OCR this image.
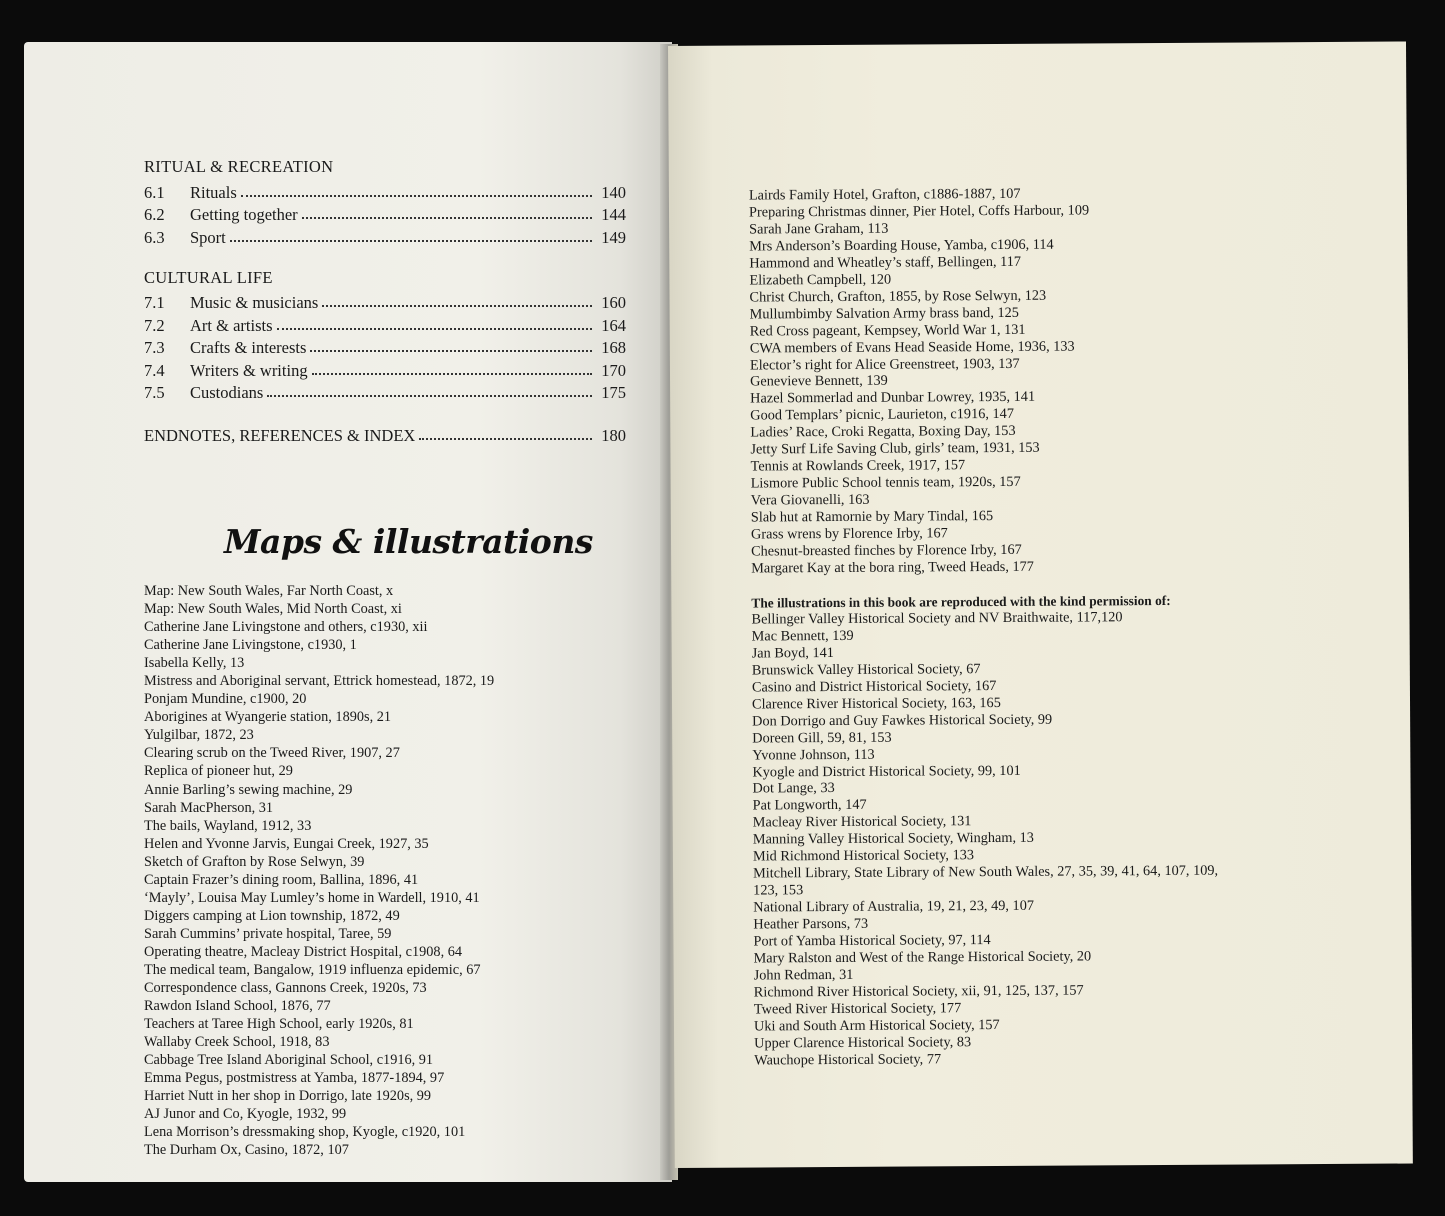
RITUAL & RECREATION
6.1	Rituals	140
6.2	Getting together	144
6.3	Sport	149
CULTURAL LIFE
7.1	Music & musicians	160
7.2	Art & artists	164
7.3	Crafts & interests	168
7.4	Writers & writing	170
7.5	Custodians	175
ENDNOTES, REFERENCES & INDEX	180
Maps & illustrations
Map: New South Wales, Far North Coast, x
Map: New South Wales, Mid North Coast, xi
Catherine Jane Livingstone and others, c1930, xii
Catherine Jane Livingstone, c1930, 1
Isabella Kelly, 13
Mistress and Aboriginal servant, Ettrick homestead, 1872, 19
Ponjam Mundine, c1900, 20
Aborigines at Wyangerie station, 1890s, 21
Yulgilbar, 1872, 23
Clearing scrub on the Tweed River, 1907, 27
Replica of pioneer hut, 29
Annie Barling’s sewing machine, 29
Sarah MacPherson, 31
The bails, Wayland, 1912, 33
Helen and Yvonne Jarvis, Eungai Creek, 1927, 35
Sketch of Grafton by Rose Selwyn, 39
Captain Frazer’s dining room, Ballina, 1896, 41
‘Mayly’, Louisa May Lumley’s home in Wardell, 1910, 41
Diggers camping at Lion township, 1872, 49
Sarah Cummins’ private hospital, Taree, 59
Operating theatre, Macleay District Hospital, c1908, 64
The medical team, Bangalow, 1919 influenza epidemic, 67
Correspondence class, Gannons Creek, 1920s, 73
Rawdon Island School, 1876, 77
Teachers at Taree High School, early 1920s, 81
Wallaby Creek School, 1918, 83
Cabbage Tree Island Aboriginal School, c1916, 91
Emma Pegus, postmistress at Yamba, 1877-1894, 97
Harriet Nutt in her shop in Dorrigo, late 1920s, 99
AJ Junor and Co, Kyogle, 1932, 99
Lena Morrison’s dressmaking shop, Kyogle, c1920, 101
The Durham Ox, Casino, 1872, 107
Lairds Family Hotel, Grafton, c1886-1887, 107
Preparing Christmas dinner, Pier Hotel, Coffs Harbour, 109
Sarah Jane Graham, 113
Mrs Anderson’s Boarding House, Yamba, c1906, 114
Hammond and Wheatley’s staff, Bellingen, 117
Elizabeth Campbell, 120
Christ Church, Grafton, 1855, by Rose Selwyn, 123
Mullumbimby Salvation Army brass band, 125
Red Cross pageant, Kempsey, World War 1, 131
CWA members of Evans Head Seaside Home, 1936, 133
Elector’s right for Alice Greenstreet, 1903, 137
Genevieve Bennett, 139
Hazel Sommerlad and Dunbar Lowrey, 1935, 141
Good Templars’ picnic, Laurieton, c1916, 147
Ladies’ Race, Croki Regatta, Boxing Day, 153
Jetty Surf Life Saving Club, girls’ team, 1931, 153
Tennis at Rowlands Creek, 1917, 157
Lismore Public School tennis team, 1920s, 157
Vera Giovanelli, 163
Slab hut at Ramornie by Mary Tindal, 165
Grass wrens by Florence Irby, 167
Chesnut-breasted finches by Florence Irby, 167
Margaret Kay at the bora ring, Tweed Heads, 177
The illustrations in this book are reproduced with the kind permission of:
Bellinger Valley Historical Society and NV Braithwaite, 117,120
Mac Bennett, 139
Jan Boyd, 141
Brunswick Valley Historical Society, 67
Casino and District Historical Society, 167
Clarence River Historical Society, 163, 165
Don Dorrigo and Guy Fawkes Historical Society, 99
Doreen Gill, 59, 81, 153
Yvonne Johnson, 113
Kyogle and District Historical Society, 99, 101
Dot Lange, 33
Pat Longworth, 147
Macleay River Historical Society, 131
Manning Valley Historical Society, Wingham, 13
Mid Richmond Historical Society, 133
Mitchell Library, State Library of New South Wales, 27, 35, 39, 41, 64, 107, 109, 123, 153
National Library of Australia, 19, 21, 23, 49, 107
Heather Parsons, 73
Port of Yamba Historical Society, 97, 114
Mary Ralston and West of the Range Historical Society, 20
John Redman, 31
Richmond River Historical Society, xii, 91, 125, 137, 157
Tweed River Historical Society, 177
Uki and South Arm Historical Society, 157
Upper Clarence Historical Society, 83
Wauchope Historical Society, 77
